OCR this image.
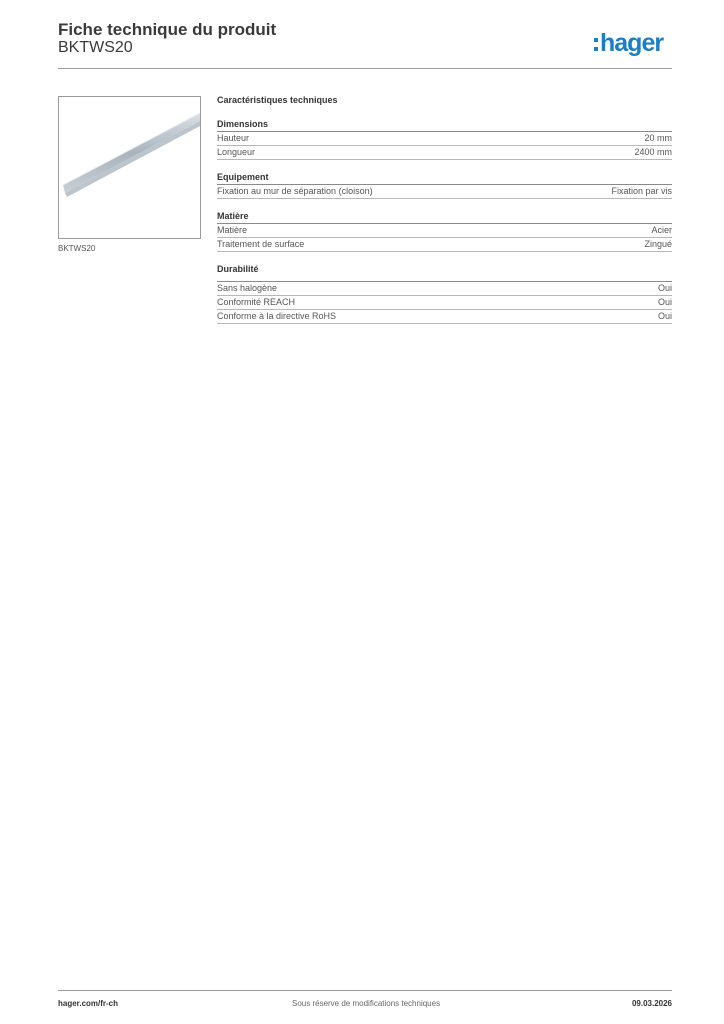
Fiche technique du produit
BKTWS20	hager
BKTWS20
Caractéristiques techniques
Dimensions
Hauteur	20 mm
Longueur	2400 mm
Equipement
Fixation au mur de séparation (cloison)	Fixation par vis
Matière
Matière	Acier
Traitement de surface	Zingué
Durabilité
Sans halogène	Oui
Conformité REACH	Oui
Conforme à la directive RoHS	Oui
hager.com/fr-ch	Sous réserve de modifications techniques	09.03.2026
